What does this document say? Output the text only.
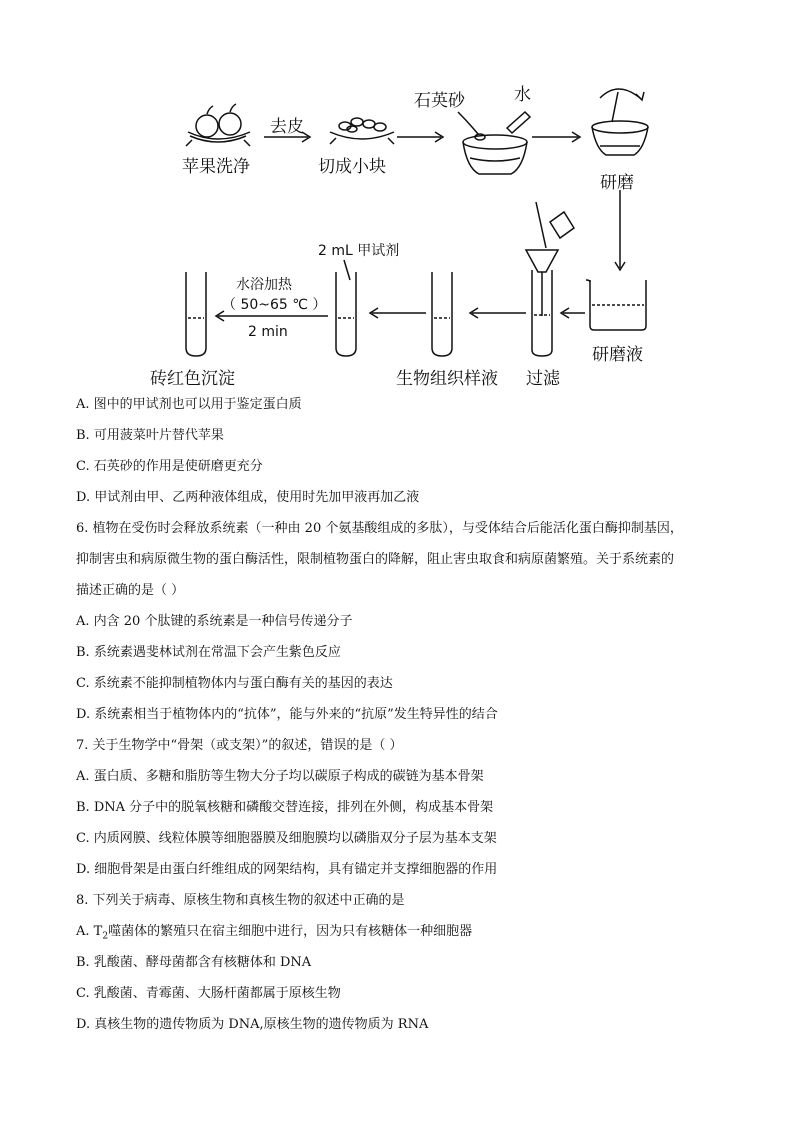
苹果洗净
去皮
切成小块
石英砂	水
研磨
研磨液
过滤
生物组织样液
2 mL 甲试剂
水浴加热
（ 50~65 ℃ ）
2 min
砖红色沉淀
A. 图中的甲试剂也可以用于鉴定蛋白质
B. 可用菠菜叶片替代苹果
C. 石英砂的作用是使研磨更充分
D. 甲试剂由甲、乙两种液体组成，使用时先加甲液再加乙液
6. 植物在受伤时会释放系统素（一种由 20 个氨基酸组成的多肽），与受体结合后能活化蛋白酶抑制基因，
抑制害虫和病原微生物的蛋白酶活性，限制植物蛋白的降解，阻止害虫取食和病原菌繁殖。关于系统素的
描述正确的是（ ）
A. 内含 20 个肽键的系统素是一种信号传递分子
B. 系统素遇斐林试剂在常温下会产生紫色反应
C. 系统素不能抑制植物体内与蛋白酶有关的基因的表达
D. 系统素相当于植物体内的“抗体”，能与外来的“抗原”发生特异性的结合
7. 关于生物学中“骨架（或支架）”的叙述，错误的是（ ）
A. 蛋白质、多糖和脂肪等生物大分子均以碳原子构成的碳链为基本骨架
B. DNA 分子中的脱氧核糖和磷酸交替连接，排列在外侧，构成基本骨架
C. 内质网膜、线粒体膜等细胞器膜及细胞膜均以磷脂双分子层为基本支架
D. 细胞骨架是由蛋白纤维组成的网架结构，具有锚定并支撑细胞器的作用
8. 下列关于病毒、原核生物和真核生物的叙述中正确的是
A. $T_2$噬菌体的繁殖只在宿主细胞中进行，因为只有核糖体一种细胞器
B. 乳酸菌、酵母菌都含有核糖体和 DNA
C. 乳酸菌、青霉菌、大肠杆菌都属于原核生物
D. 真核生物的遗传物质为 DNA,原核生物的遗传物质为 RNA
